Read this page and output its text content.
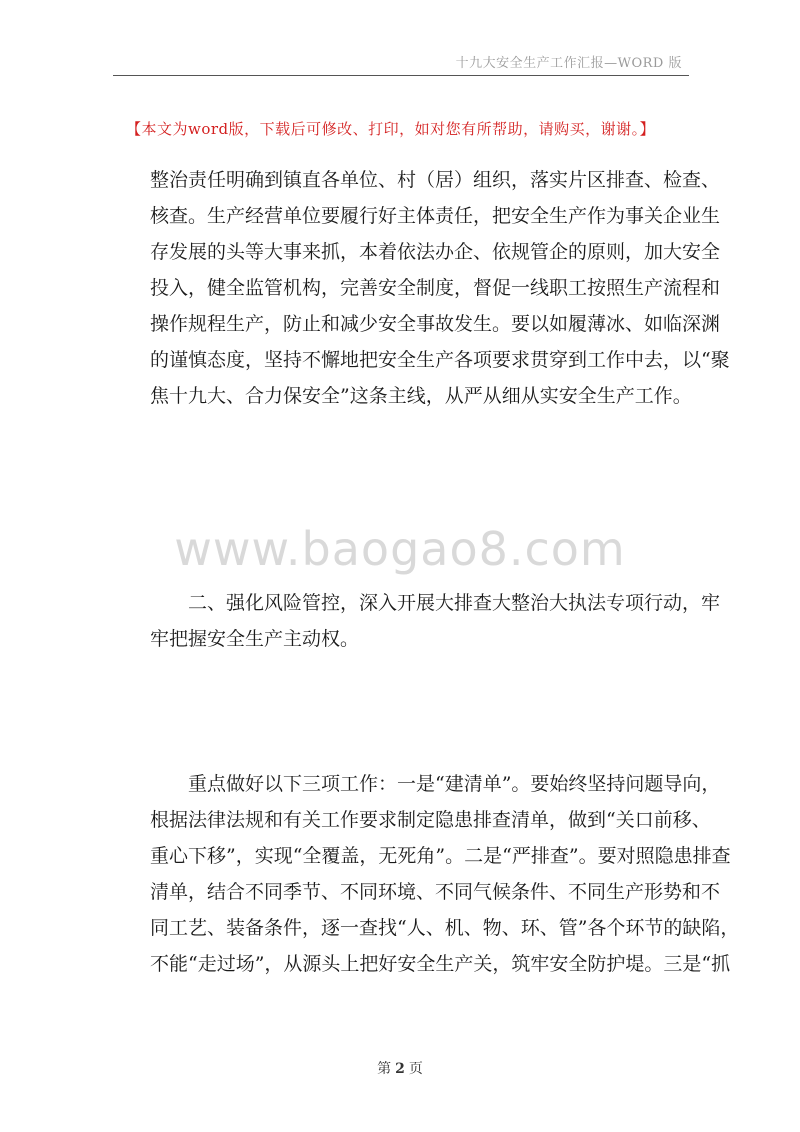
十九大安全生产工作汇报—WORD 版
【本文为word版，下载后可修改、打印，如对您有所帮助，请购买，谢谢。】
整治责任明确到镇直各单位、村（居）组织，落实片区排查、检查、
核查。生产经营单位要履行好主体责任，把安全生产作为事关企业生
存发展的头等大事来抓，本着依法办企、依规管企的原则，加大安全
投入，健全监管机构，完善安全制度，督促一线职工按照生产流程和
操作规程生产，防止和减少安全事故发生。要以如履薄冰、如临深渊
的谨慎态度，坚持不懈地把安全生产各项要求贯穿到工作中去，以“聚
焦十九大、合力保安全”这条主线，从严从细从实安全生产工作。
www.baogao8.com
二、强化风险管控，深入开展大排查大整治大执法专项行动，牢
牢把握安全生产主动权。
重点做好以下三项工作：一是“建清单”。要始终坚持问题导向，
根据法律法规和有关工作要求制定隐患排查清单，做到“关口前移、
重心下移”，实现“全覆盖，无死角”。二是“严排查”。要对照隐患排查
清单，结合不同季节、不同环境、不同气候条件、不同生产形势和不
同工艺、装备条件，逐一查找“人、机、物、环、管”各个环节的缺陷，
不能“走过场”，从源头上把好安全生产关，筑牢安全防护堤。三是“抓
第 2 页
